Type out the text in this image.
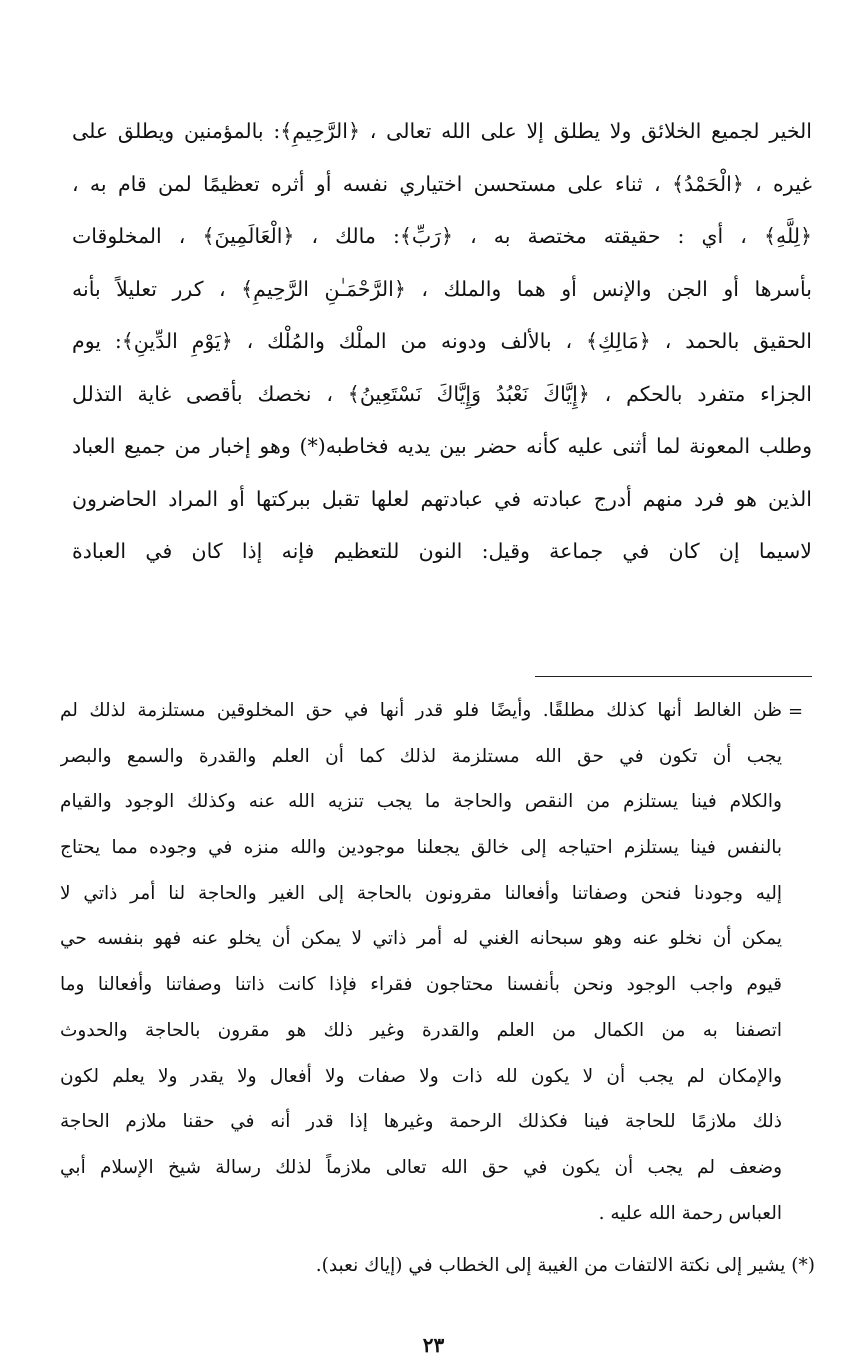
الخير لجميع الخلائق ولا يطلق إلا على الله تعالى ، ﴿الرَّحِيمِ﴾: بالمؤمنين ويطلق على
غيره ، ﴿الْحَمْدُ﴾ ، ثناء على مستحسن اختياري نفسه أو أثره تعظيمًا لمن قام به ،
﴿لِلَّهِ﴾ ، أي : حقيقته مختصة به ، ﴿رَبِّ﴾: مالك ، ﴿الْعَالَمِينَ﴾ ، المخلوقات
بأسرها أو الجن والإنس أو هما والملك ، ﴿الرَّحْمَـٰنِ الرَّحِيمِ﴾ ، كرر تعليلاً بأنه
الحقيق بالحمد ، ﴿مَالِكِ﴾ ، بالألف ودونه من الملْك والمُلْك ، ﴿يَوْمِ الدِّينِ﴾: يوم
الجزاء متفرد بالحكم ، ﴿إِيَّاكَ نَعْبُدُ وَإِيَّاكَ نَسْتَعِينُ﴾ ، نخصك بأقصى غاية التذلل
وطلب المعونة لما أثنى عليه كأنه حضر بين يديه فخاطبه(*) وهو إخبار من جميع العباد
الذين هو فرد منهم أدرج عبادته في عبادتهم لعلها تقبل ببركتها أو المراد الحاضرون
لاسيما إن كان في جماعة وقيل: النون للتعظيم فإنه إذا كان في العبادة
=
ظن الغالط أنها كذلك مطلقًا. وأيضًا فلو قدر أنها في حق المخلوقين مستلزمة لذلك لم
يجب أن تكون في حق الله مستلزمة لذلك كما أن العلم والقدرة والسمع والبصر
والكلام فينا يستلزم من النقص والحاجة ما يجب تنزيه الله عنه وكذلك الوجود والقيام
بالنفس فينا يستلزم احتياجه إلى خالق يجعلنا موجودين والله منزه في وجوده مما يحتاج
إليه وجودنا فنحن وصفاتنا وأفعالنا مقرونون بالحاجة إلى الغير والحاجة لنا أمر ذاتي لا
يمكن أن نخلو عنه وهو سبحانه الغني له أمر ذاتي لا يمكن أن يخلو عنه فهو بنفسه حي
قيوم واجب الوجود ونحن بأنفسنا محتاجون فقراء فإذا كانت ذاتنا وصفاتنا وأفعالنا وما
اتصفنا به من الكمال من العلم والقدرة وغير ذلك هو مقرون بالحاجة والحدوث
والإمكان لم يجب أن لا يكون لله ذات ولا صفات ولا أفعال ولا يقدر ولا يعلم لكون
ذلك ملازمًا للحاجة فينا فكذلك الرحمة وغيرها إذا قدر أنه في حقنا ملازم الحاجة
وضعف لم يجب أن يكون في حق الله تعالى ملازماً لذلك رسالة شيخ الإسلام أبي
العباس رحمة الله عليه .
(*) يشير إلى نكتة الالتفات من الغيبة إلى الخطاب في (إياك نعبد).
٢٣
